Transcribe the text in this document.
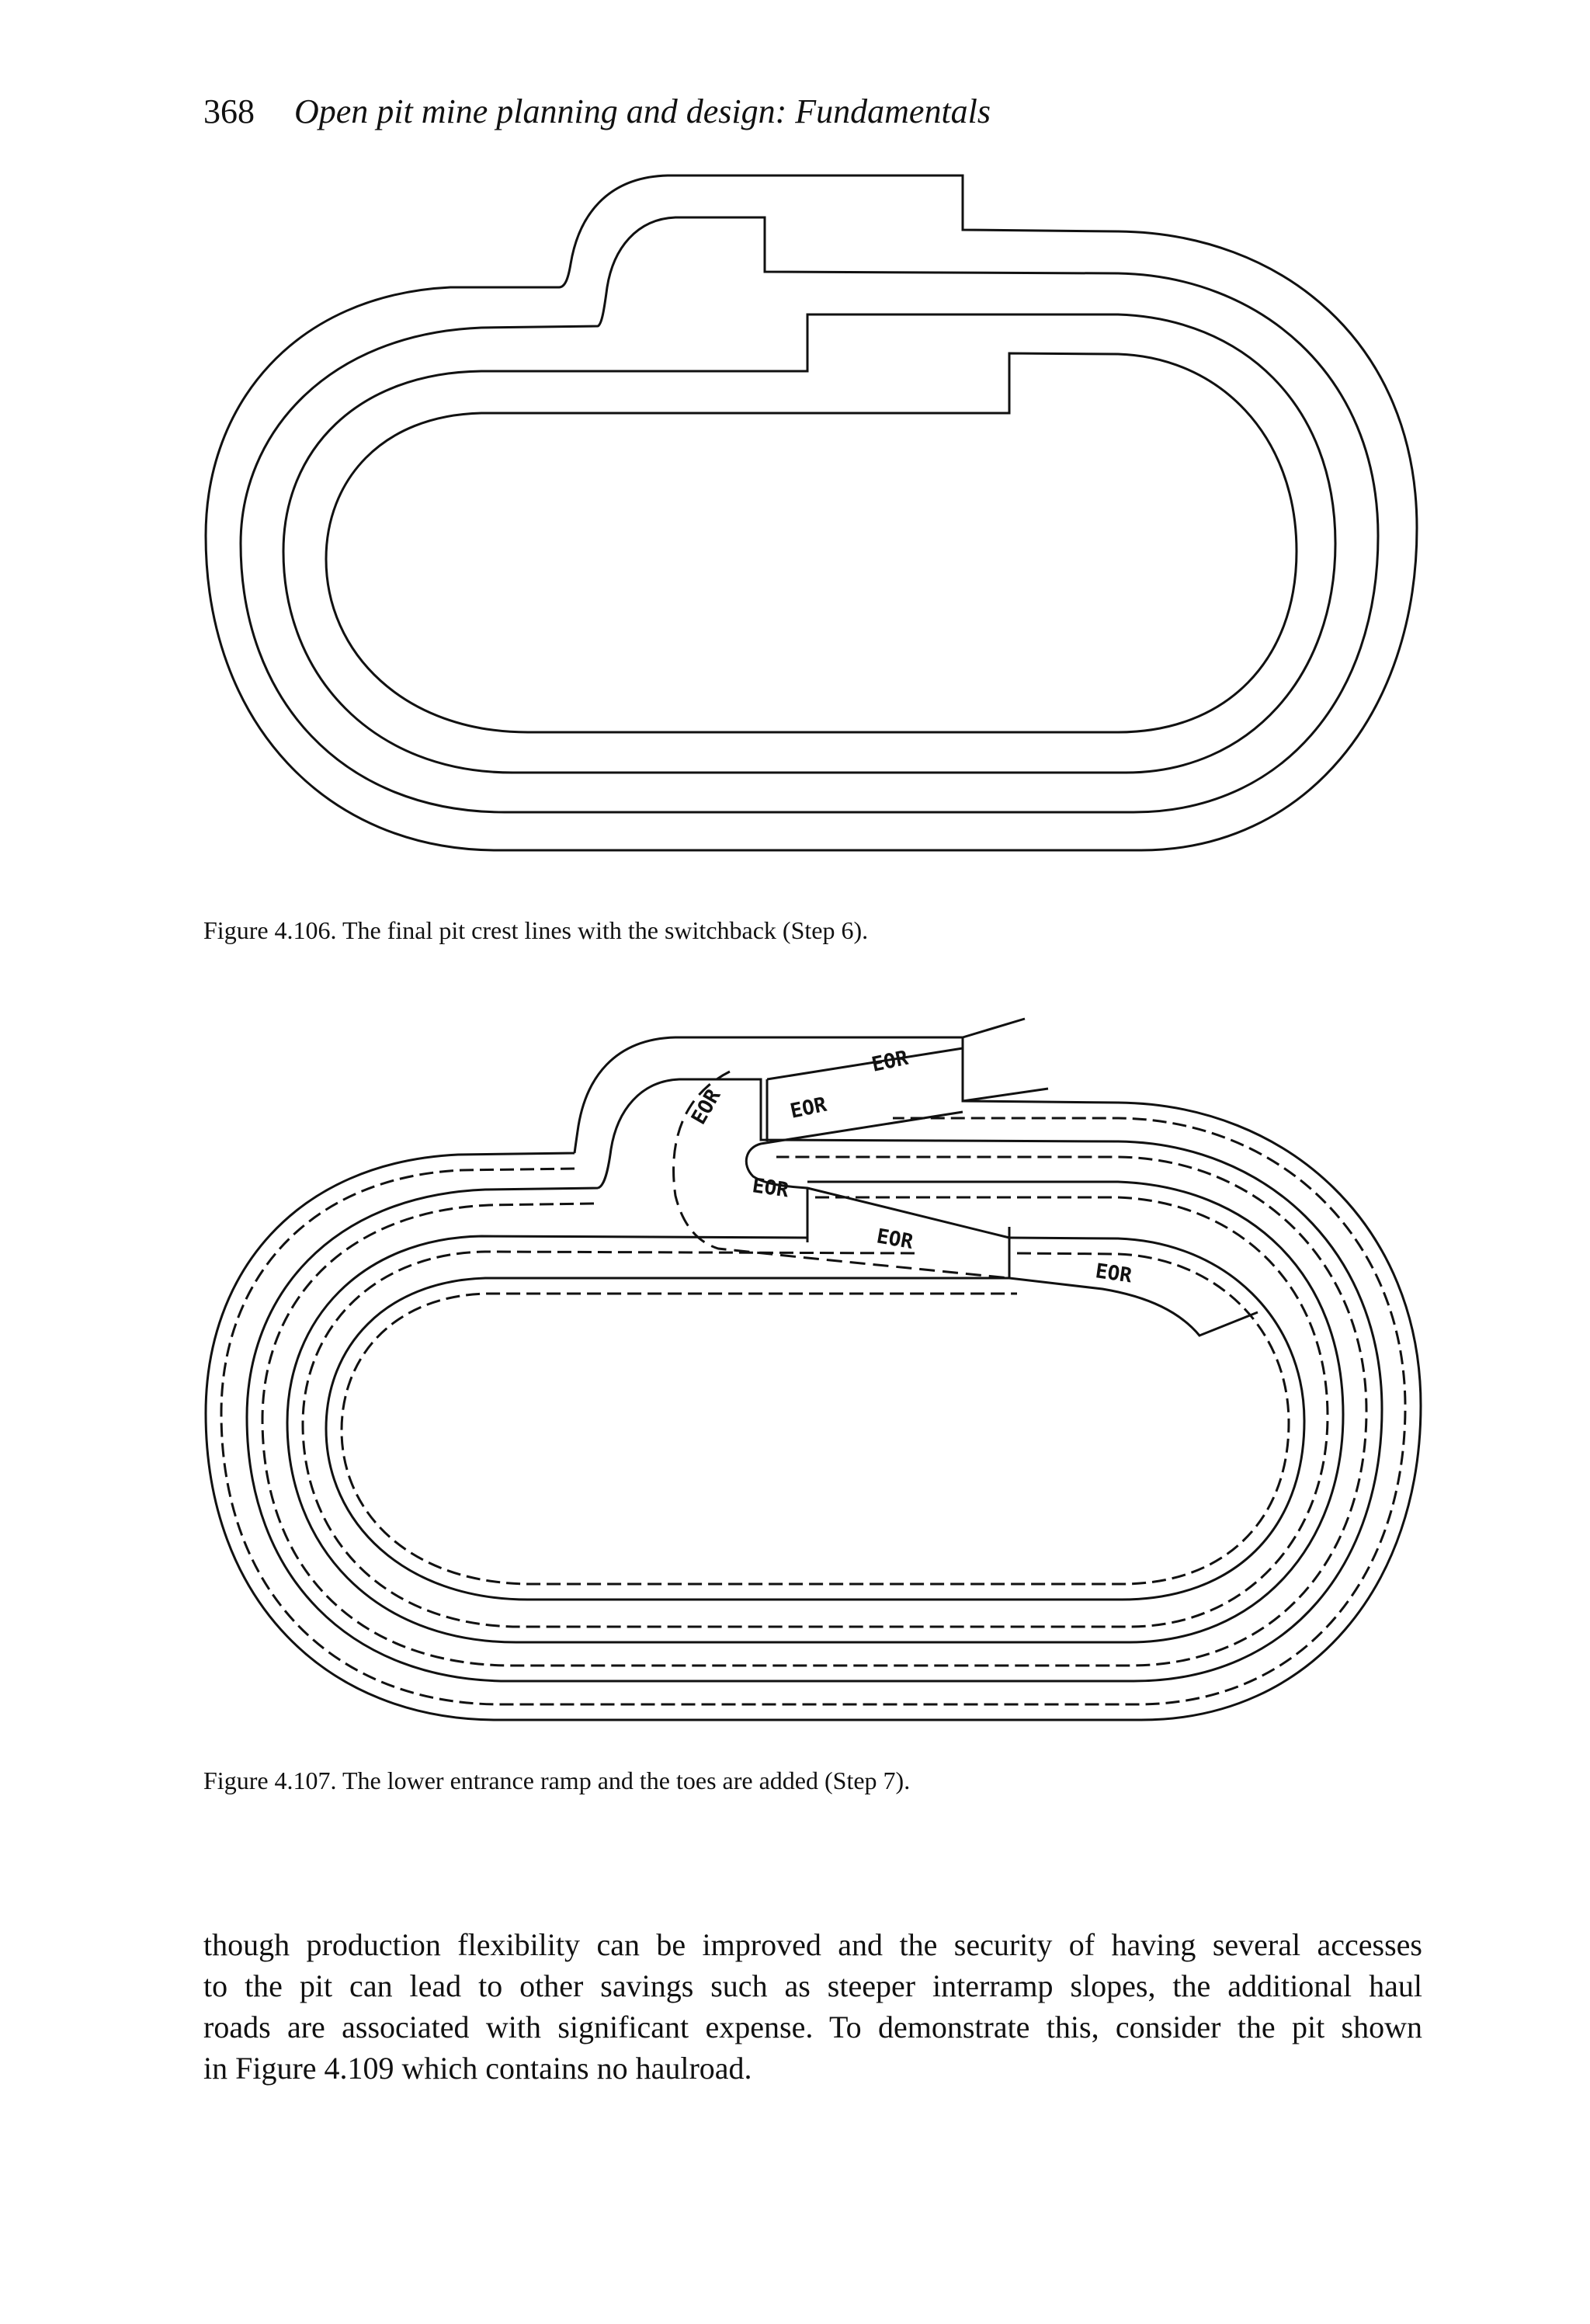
368 Open pit mine planning and design: Fundamentals
Figure 4.106. The final pit crest lines with the switchback (Step 6).
EOR
EOR
EOR
EOR
EOR
EOR
Figure 4.107. The lower entrance ramp and the toes are added (Step 7).
though production flexibility can be improved and the security of having several accesses
to the pit can lead to other savings such as steeper interramp slopes, the additional haul
roads are associated with significant expense. To demonstrate this, consider the pit shown
in Figure 4.109 which contains no haulroad.
